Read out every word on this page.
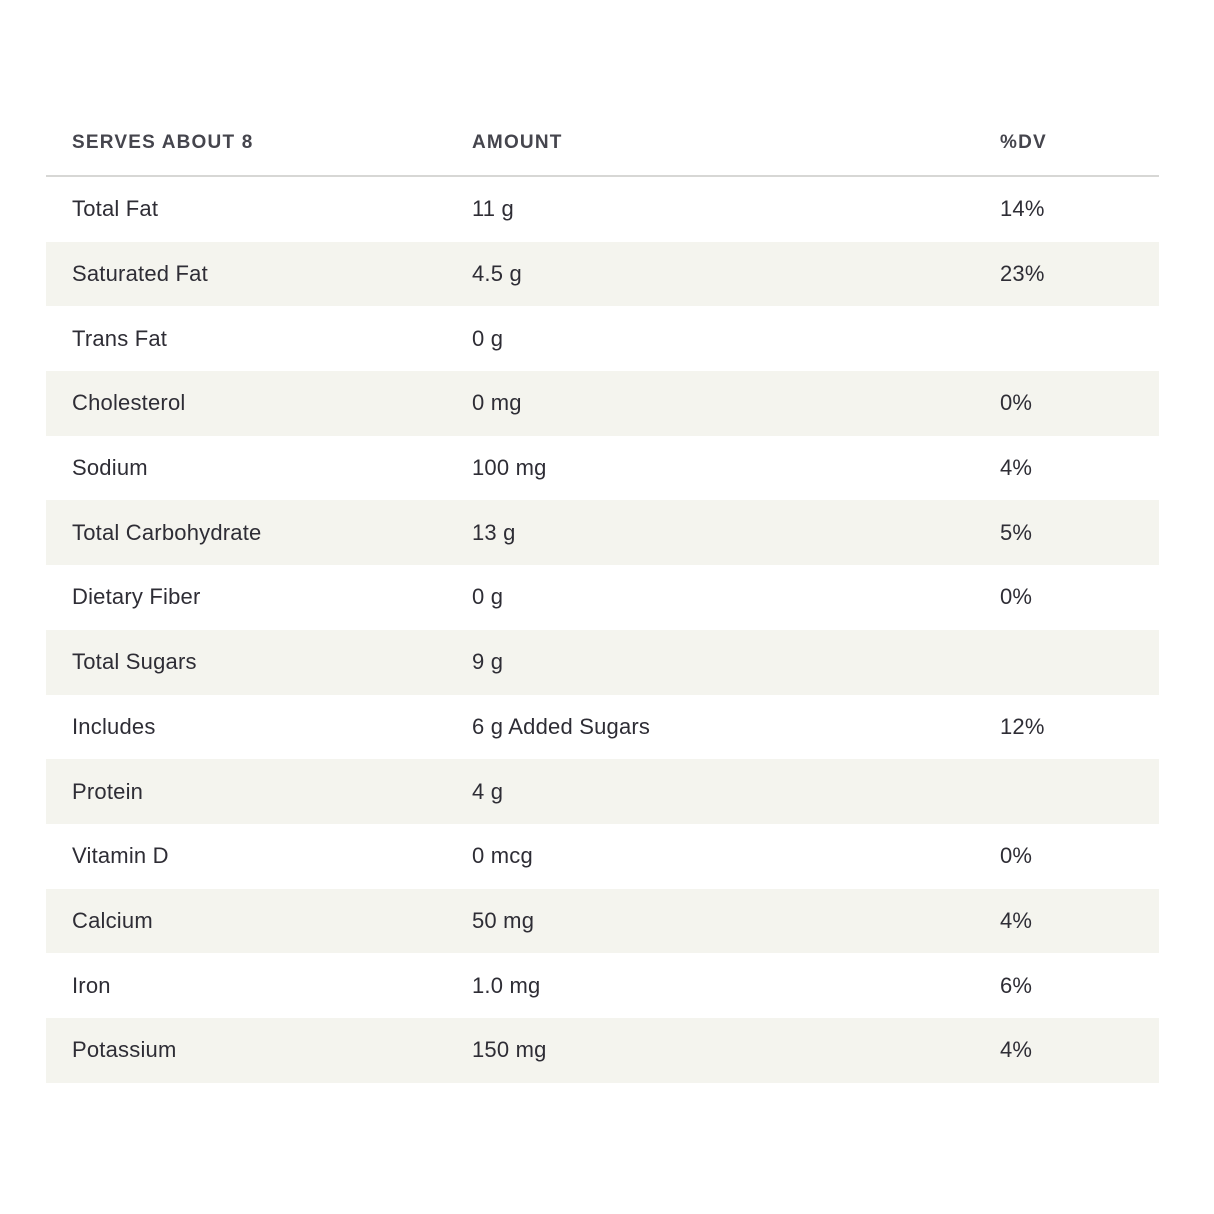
SERVES ABOUT 8	AMOUNT	%DV
Total Fat	11 g	14%
Saturated Fat	4.5 g	23%
Trans Fat	0 g
Cholesterol	0 mg	0%
Sodium	100 mg	4%
Total Carbohydrate	13 g	5%
Dietary Fiber	0 g	0%
Total Sugars	9 g
Includes	6 g Added Sugars	12%
Protein	4 g
Vitamin D	0 mcg	0%
Calcium	50 mg	4%
Iron	1.0 mg	6%
Potassium	150 mg	4%
